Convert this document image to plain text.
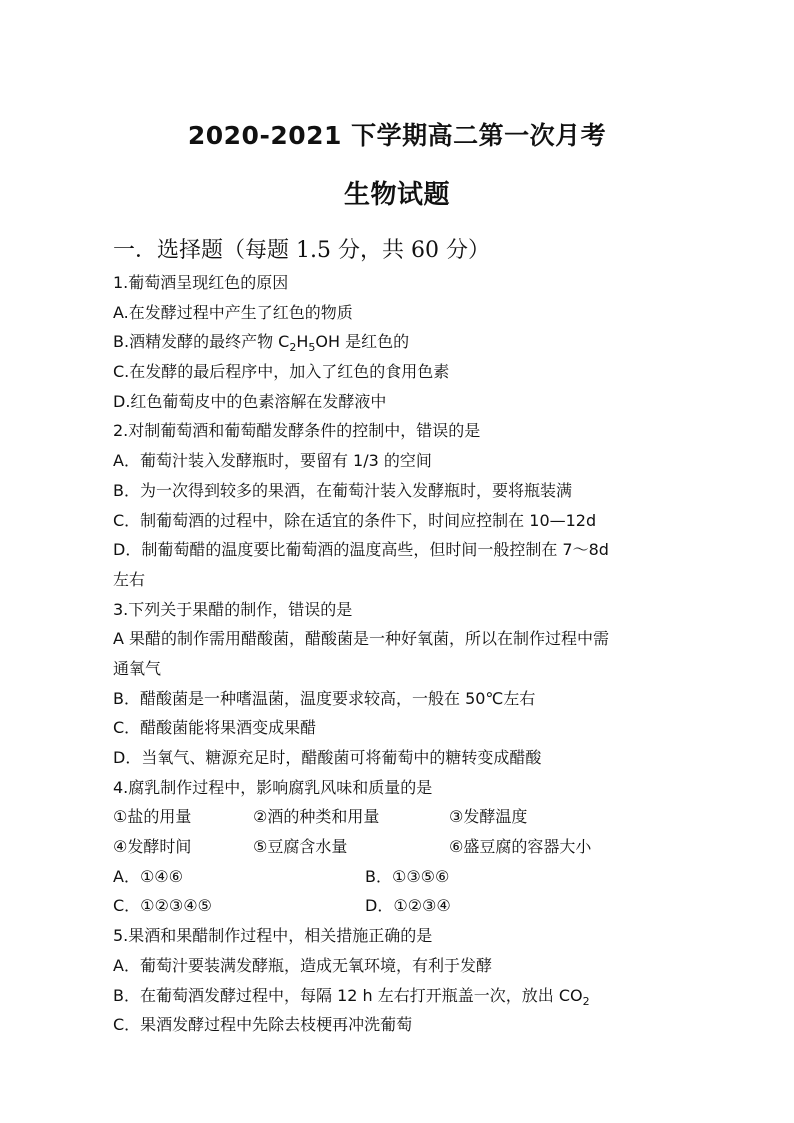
2020-2021 下学期高二第一次月考
生物试题
一．选择题（每题 1.5 分，共 60 分）
1.葡萄酒呈现红色的原因
A.在发酵过程中产生了红色的物质
B.酒精发酵的最终产物 $C_2H_5OH$ 是红色的
C.在发酵的最后程序中，加入了红色的食用色素
D.红色葡萄皮中的色素溶解在发酵液中
2.对制葡萄酒和葡萄醋发酵条件的控制中，错误的是
A．葡萄汁装入发酵瓶时，要留有 1/3 的空间
B．为一次得到较多的果酒，在葡萄汁装入发酵瓶时，要将瓶装满
C．制葡萄酒的过程中，除在适宜的条件下，时间应控制在 10—12d
D．制葡萄醋的温度要比葡萄酒的温度高些，但时间一般控制在 7～8d
左右
3.下列关于果醋的制作，错误的是
A 果醋的制作需用醋酸菌，醋酸菌是一种好氧菌，所以在制作过程中需
通氧气
B．醋酸菌是一种嗜温菌，温度要求较高，一般在 50℃左右
C．醋酸菌能将果酒变成果醋
D．当氧气、糖源充足时，醋酸菌可将葡萄中的糖转变成醋酸
4.腐乳制作过程中，影响腐乳风味和质量的是
①盐的用量	②酒的种类和用量	③发酵温度
④发酵时间	⑤豆腐含水量	⑥盛豆腐的容器大小
A．①④⑥	B．①③⑤⑥
C．①②③④⑤	D．①②③④
5.果酒和果醋制作过程中，相关措施正确的是
A．葡萄汁要装满发酵瓶，造成无氧环境，有利于发酵
B．在葡萄酒发酵过程中，每隔 12 h 左右打开瓶盖一次，放出 $CO_2$
C．果酒发酵过程中先除去枝梗再冲洗葡萄
